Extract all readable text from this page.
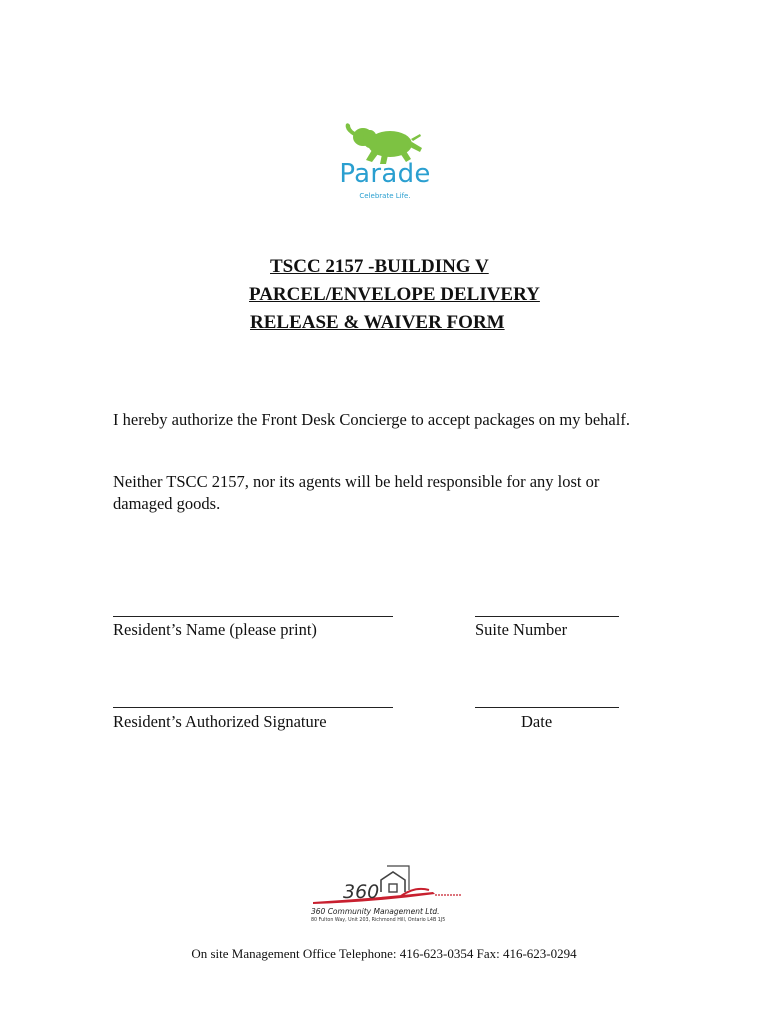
Parade
Celebrate Life.
TSCC 2157 -BUILDING V
PARCEL/ENVELOPE DELIVERY
RELEASE & WAIVER FORM
I hereby authorize the Front Desk Concierge to accept packages on my behalf.
Neither TSCC 2157, nor its agents will be held responsible for any lost or damaged goods.
Resident’s Name (please print)	Suite Number
Resident’s Authorized Signature	Date
360
360 Community Management Ltd.
80 Fulton Way, Unit 203, Richmond Hill, Ontario L4B 1J5
On site Management Office Telephone: 416-623-0354 Fax: 416-623-0294
